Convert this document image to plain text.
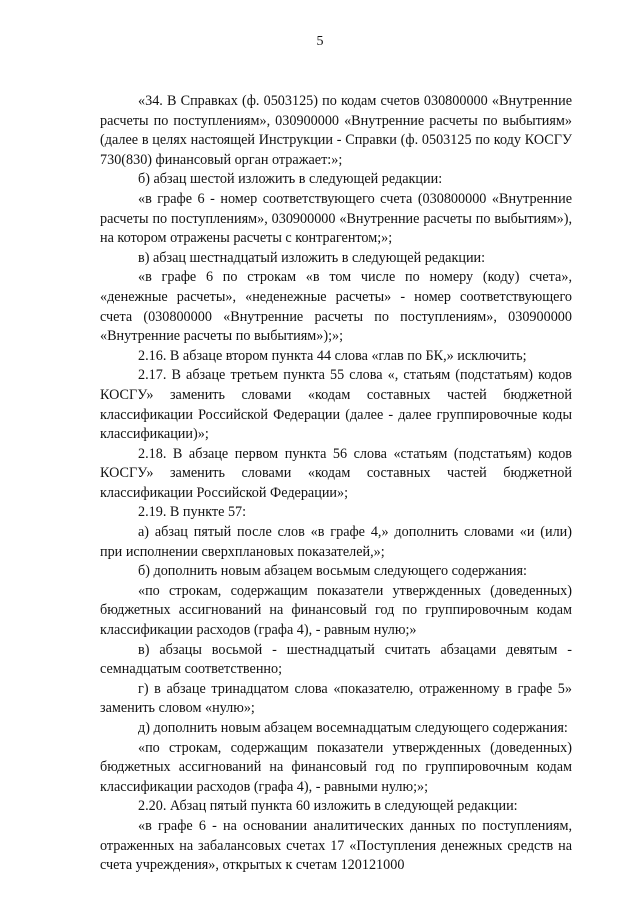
5

«34. В Справках (ф. 0503125) по кодам счетов 030800000 «Внутренние расчеты по поступлениям», 030900000 «Внутренние расчеты по выбытиям» (далее в целях настоящей Инструкции - Справки (ф. 0503125 по коду КОСГУ 730(830) финансовый орган отражает:»;

б) абзац шестой изложить в следующей редакции:

«в графе 6 - номер соответствующего счета (030800000 «Внутренние расчеты по поступлениям», 030900000 «Внутренние расчеты по выбытиям»), на котором отражены расчеты с контрагентом;»;

в) абзац шестнадцатый изложить в следующей редакции:

«в графе 6 по строкам «в том числе по номеру (коду) счета», «денежные расчеты», «неденежные расчеты» - номер соответствующего счета (030800000 «Внутренние расчеты по поступлениям», 030900000 «Внутренние расчеты по выбытиям»);»;

2.16. В абзаце втором пункта 44 слова «глав по БК,» исключить;

2.17. В абзаце третьем пункта 55 слова «, статьям (подстатьям) кодов КОСГУ» заменить словами «кодам составных частей бюджетной классификации Российской Федерации (далее - далее группировочные коды классификации)»;

2.18. В абзаце первом пункта 56 слова «статьям (подстатьям) кодов КОСГУ» заменить словами «кодам составных частей бюджетной классификации Российской Федерации»;

2.19. В пункте 57:

а) абзац пятый после слов «в графе 4,» дополнить словами «и (или) при исполнении сверхплановых показателей,»;

б) дополнить новым абзацем восьмым следующего содержания:

«по строкам, содержащим показатели утвержденных (доведенных) бюджетных ассигнований на финансовый год по группировочным кодам классификации расходов (графа 4), - равным нулю;»

в) абзацы восьмой - шестнадцатый считать абзацами девятым - семнадцатым соответственно;

г) в абзаце тринадцатом слова «показателю, отраженному в графе 5» заменить словом «нулю»;

д) дополнить новым абзацем восемнадцатым следующего содержания:

«по строкам, содержащим показатели утвержденных (доведенных) бюджетных ассигнований на финансовый год по группировочным кодам классификации расходов (графа 4), - равными нулю;»;

2.20. Абзац пятый пункта 60 изложить в следующей редакции:

«в графе 6 - на основании аналитических данных по поступлениям, отраженных на забалансовых счетах 17 «Поступления денежных средств на счета учреждения», открытых к счетам 120121000
